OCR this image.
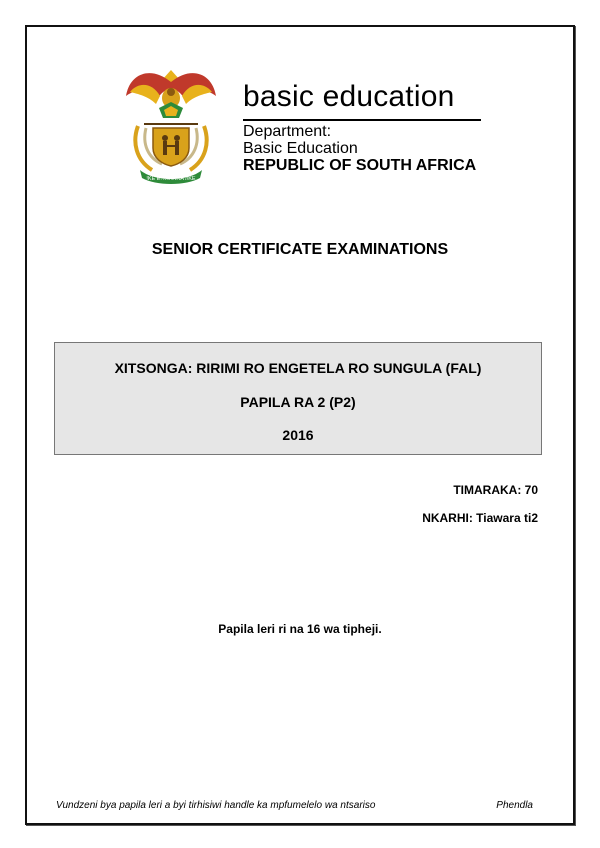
!KE E: /XARRA //KE
basic education
Department:
Basic Education
REPUBLIC OF SOUTH AFRICA
SENIOR CERTIFICATE EXAMINATIONS
XITSONGA: RIRIMI RO ENGETELA RO SUNGULA (FAL)
PAPILA RA 2 (P2)
2016
TIMARAKA: 70
NKARHI: Tiawara ti2
Papila leri ri na 16 wa tipheji.
Vundzeni bya papila leri a byi tirhisiwi handle ka mpfumelelo wa ntsariso	Phendla
